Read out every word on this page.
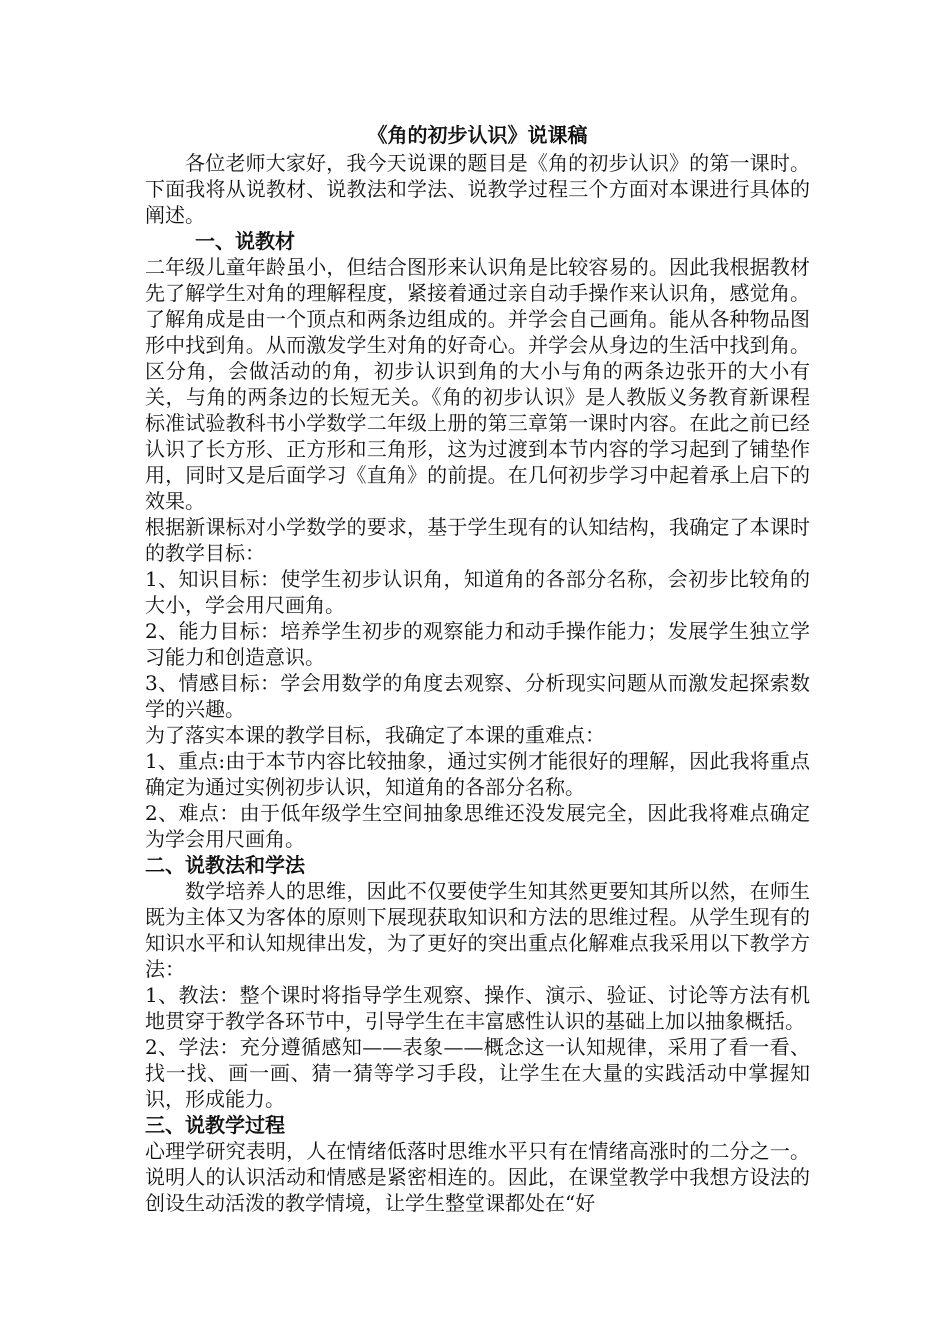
《角的初步认识》说课稿

各位老师大家好，我今天说课的题目是《角的初步认识》的第一课时。下面我将从说教材、说教法和学法、说教学过程三个方面对本课进行具体的阐述。

一、说教材

二年级儿童年龄虽小，但结合图形来认识角是比较容易的。因此我根据教材先了解学生对角的理解程度，紧接着通过亲自动手操作来认识角，感觉角。了解角成是由一个顶点和两条边组成的。并学会自己画角。能从各种物品图形中找到角。从而激发学生对角的好奇心。并学会从身边的生活中找到角。区分角，会做活动的角，初步认识到角的大小与角的两条边张开的大小有关，与角的两条边的长短无关。《角的初步认识》是人教版义务教育新课程标准试验教科书小学数学二年级上册的第三章第一课时内容。在此之前已经认识了长方形、正方形和三角形，这为过渡到本节内容的学习起到了铺垫作用，同时又是后面学习《直角》的前提。在几何初步学习中起着承上启下的效果。

根据新课标对小学数学的要求，基于学生现有的认知结构，我确定了本课时的教学目标：

1、知识目标：使学生初步认识角，知道角的各部分名称，会初步比较角的大小，学会用尺画角。

2、能力目标：培养学生初步的观察能力和动手操作能力；发展学生独立学习能力和创造意识。

3、情感目标：学会用数学的角度去观察、分析现实问题从而激发起探索数学的兴趣。

为了落实本课的教学目标，我确定了本课的重难点：

1、重点:由于本节内容比较抽象，通过实例才能很好的理解，因此我将重点确定为通过实例初步认识，知道角的各部分名称。

2、难点：由于低年级学生空间抽象思维还没发展完全，因此我将难点确定为学会用尺画角。

二、说教法和学法

数学培养人的思维，因此不仅要使学生知其然更要知其所以然，在师生既为主体又为客体的原则下展现获取知识和方法的思维过程。从学生现有的知识水平和认知规律出发，为了更好的突出重点化解难点我采用以下教学方法：

1、教法：整个课时将指导学生观察、操作、演示、验证、讨论等方法有机地贯穿于教学各环节中，引导学生在丰富感性认识的基础上加以抽象概括。

2、学法：充分遵循感知——表象——概念这一认知规律，采用了看一看、找一找、画一画、猜一猜等学习手段，让学生在大量的实践活动中掌握知识，形成能力。

三、说教学过程

心理学研究表明，人在情绪低落时思维水平只有在情绪高涨时的二分之一。说明人的认识活动和情感是紧密相连的。因此，在课堂教学中我想方设法的创设生动活泼的教学情境，让学生整堂课都处在“好
